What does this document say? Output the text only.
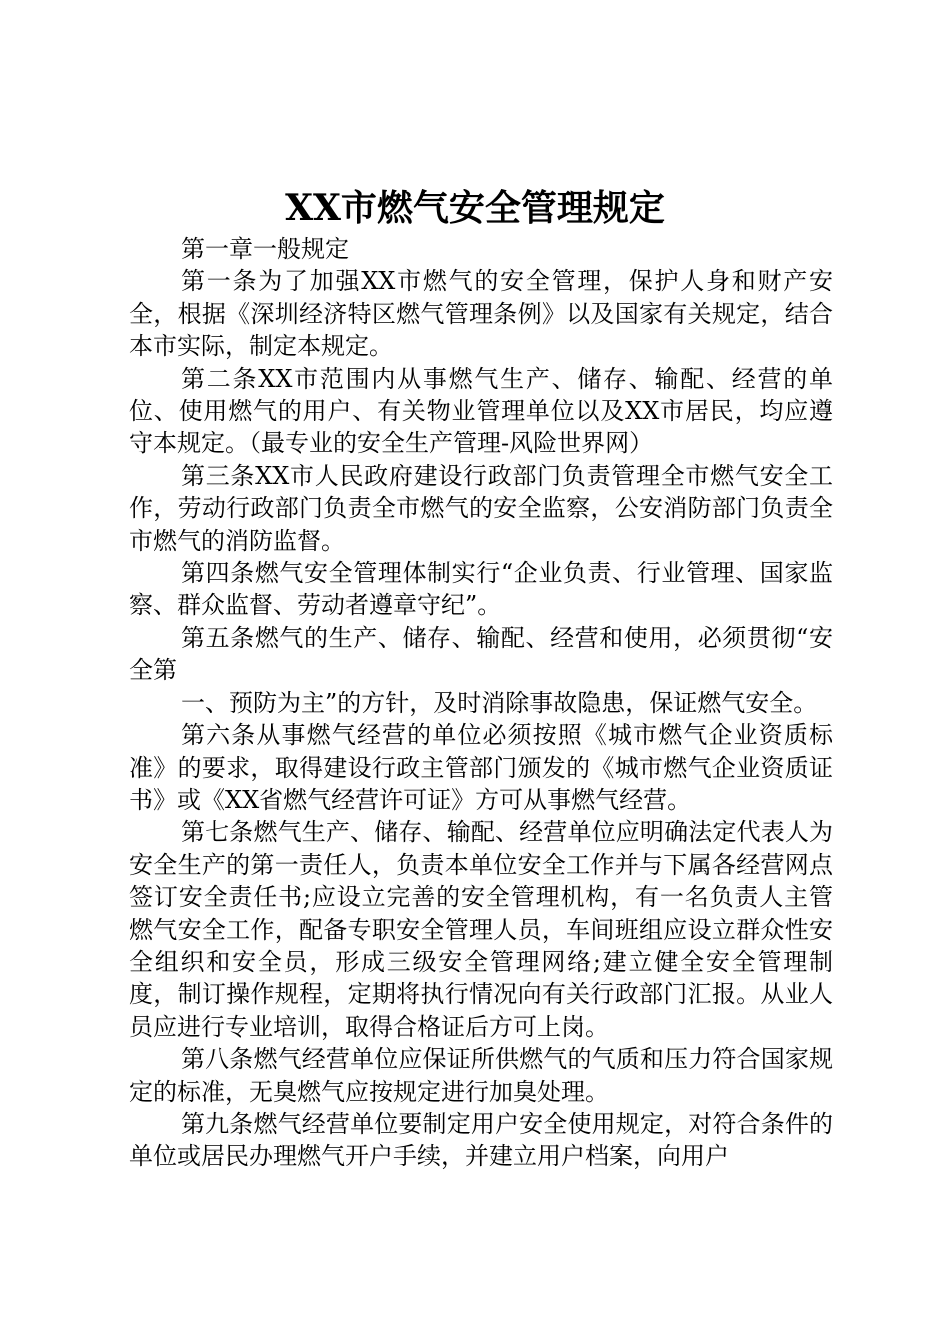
XX市燃气安全管理规定

第一章一般规定

第一条为了加强XX市燃气的安全管理，保护人身和财产安全，根据《深圳经济特区燃气管理条例》以及国家有关规定，结合本市实际，制定本规定。

第二条XX市范围内从事燃气生产、储存、输配、经营的单位、使用燃气的用户、有关物业管理单位以及XX市居民，均应遵守本规定。（最专业的安全生产管理-风险世界网）

第三条XX市人民政府建设行政部门负责管理全市燃气安全工作，劳动行政部门负责全市燃气的安全监察，公安消防部门负责全市燃气的消防监督。

第四条燃气安全管理体制实行“企业负责、行业管理、国家监察、群众监督、劳动者遵章守纪”。

第五条燃气的生产、储存、输配、经营和使用，必须贯彻“安全第

一、预防为主”的方针，及时消除事故隐患，保证燃气安全。

第六条从事燃气经营的单位必须按照《城市燃气企业资质标准》的要求，取得建设行政主管部门颁发的《城市燃气企业资质证书》或《XX省燃气经营许可证》方可从事燃气经营。

第七条燃气生产、储存、输配、经营单位应明确法定代表人为安全生产的第一责任人，负责本单位安全工作并与下属各经营网点签订安全责任书;应设立完善的安全管理机构，有一名负责人主管燃气安全工作，配备专职安全管理人员，车间班组应设立群众性安全组织和安全员，形成三级安全管理网络;建立健全安全管理制度，制订操作规程，定期将执行情况向有关行政部门汇报。从业人员应进行专业培训，取得合格证后方可上岗。

第八条燃气经营单位应保证所供燃气的气质和压力符合国家规定的标准，无臭燃气应按规定进行加臭处理。

第九条燃气经营单位要制定用户安全使用规定，对符合条件的单位或居民办理燃气开户手续，并建立用户档案，向用户
